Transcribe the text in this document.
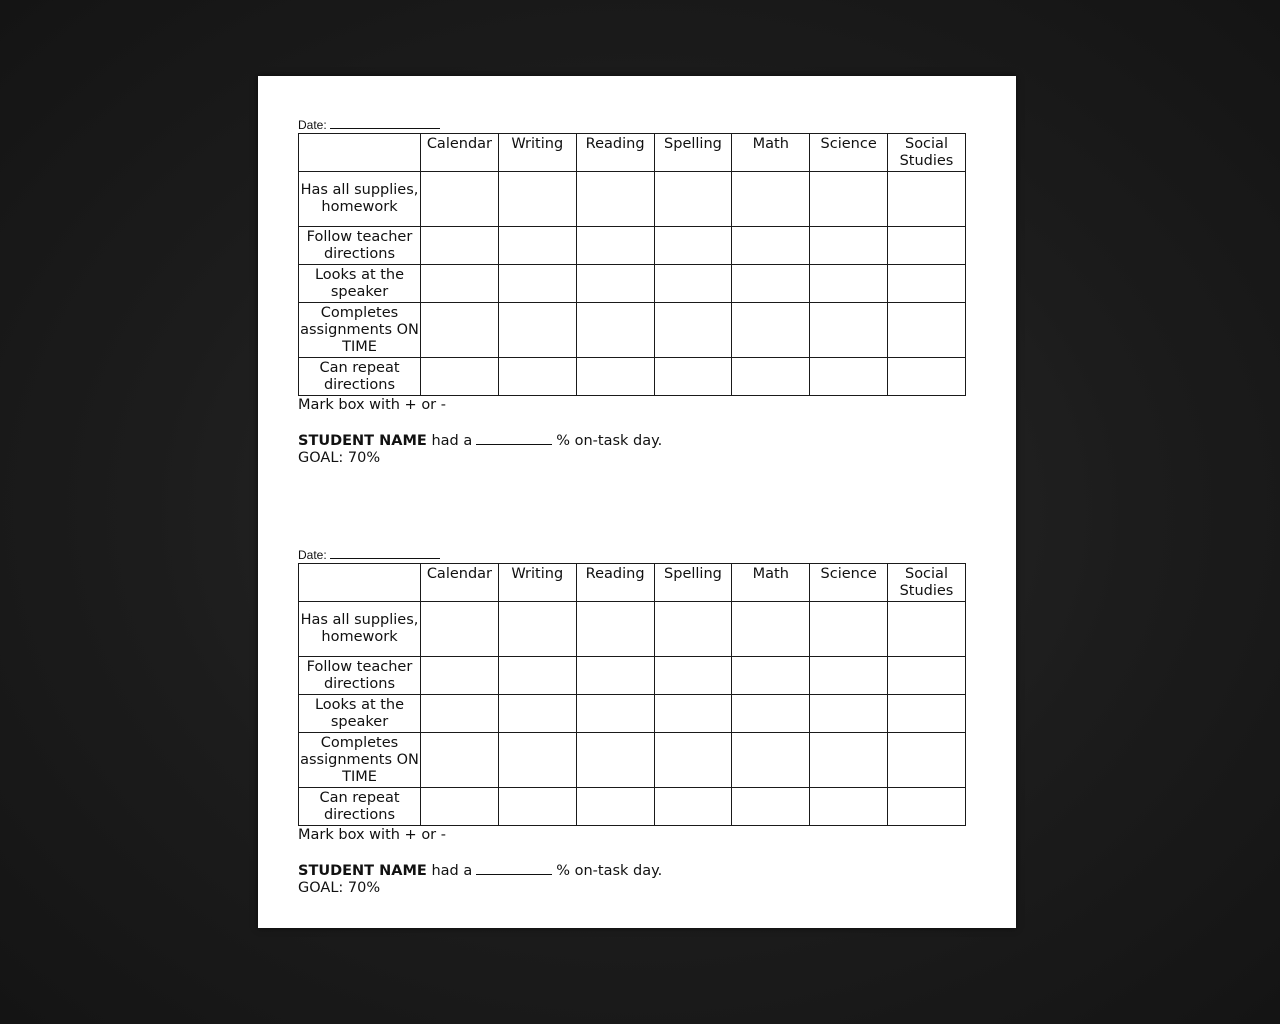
Date:
	Calendar	Writing	Reading	Spelling	Math	Science	Social Studies
Has all supplies, homework							
Follow teacher directions							
Looks at the speaker							
Completes assignments ON TIME							
Can repeat directions							
Mark box with + or -
STUDENT NAME had a	% on-task day.
GOAL: 70%
Date:
	Calendar	Writing	Reading	Spelling	Math	Science	Social Studies
Has all supplies, homework							
Follow teacher directions							
Looks at the speaker							
Completes assignments ON TIME							
Can repeat directions							
Mark box with + or -
STUDENT NAME had a	% on-task day.
GOAL: 70%
